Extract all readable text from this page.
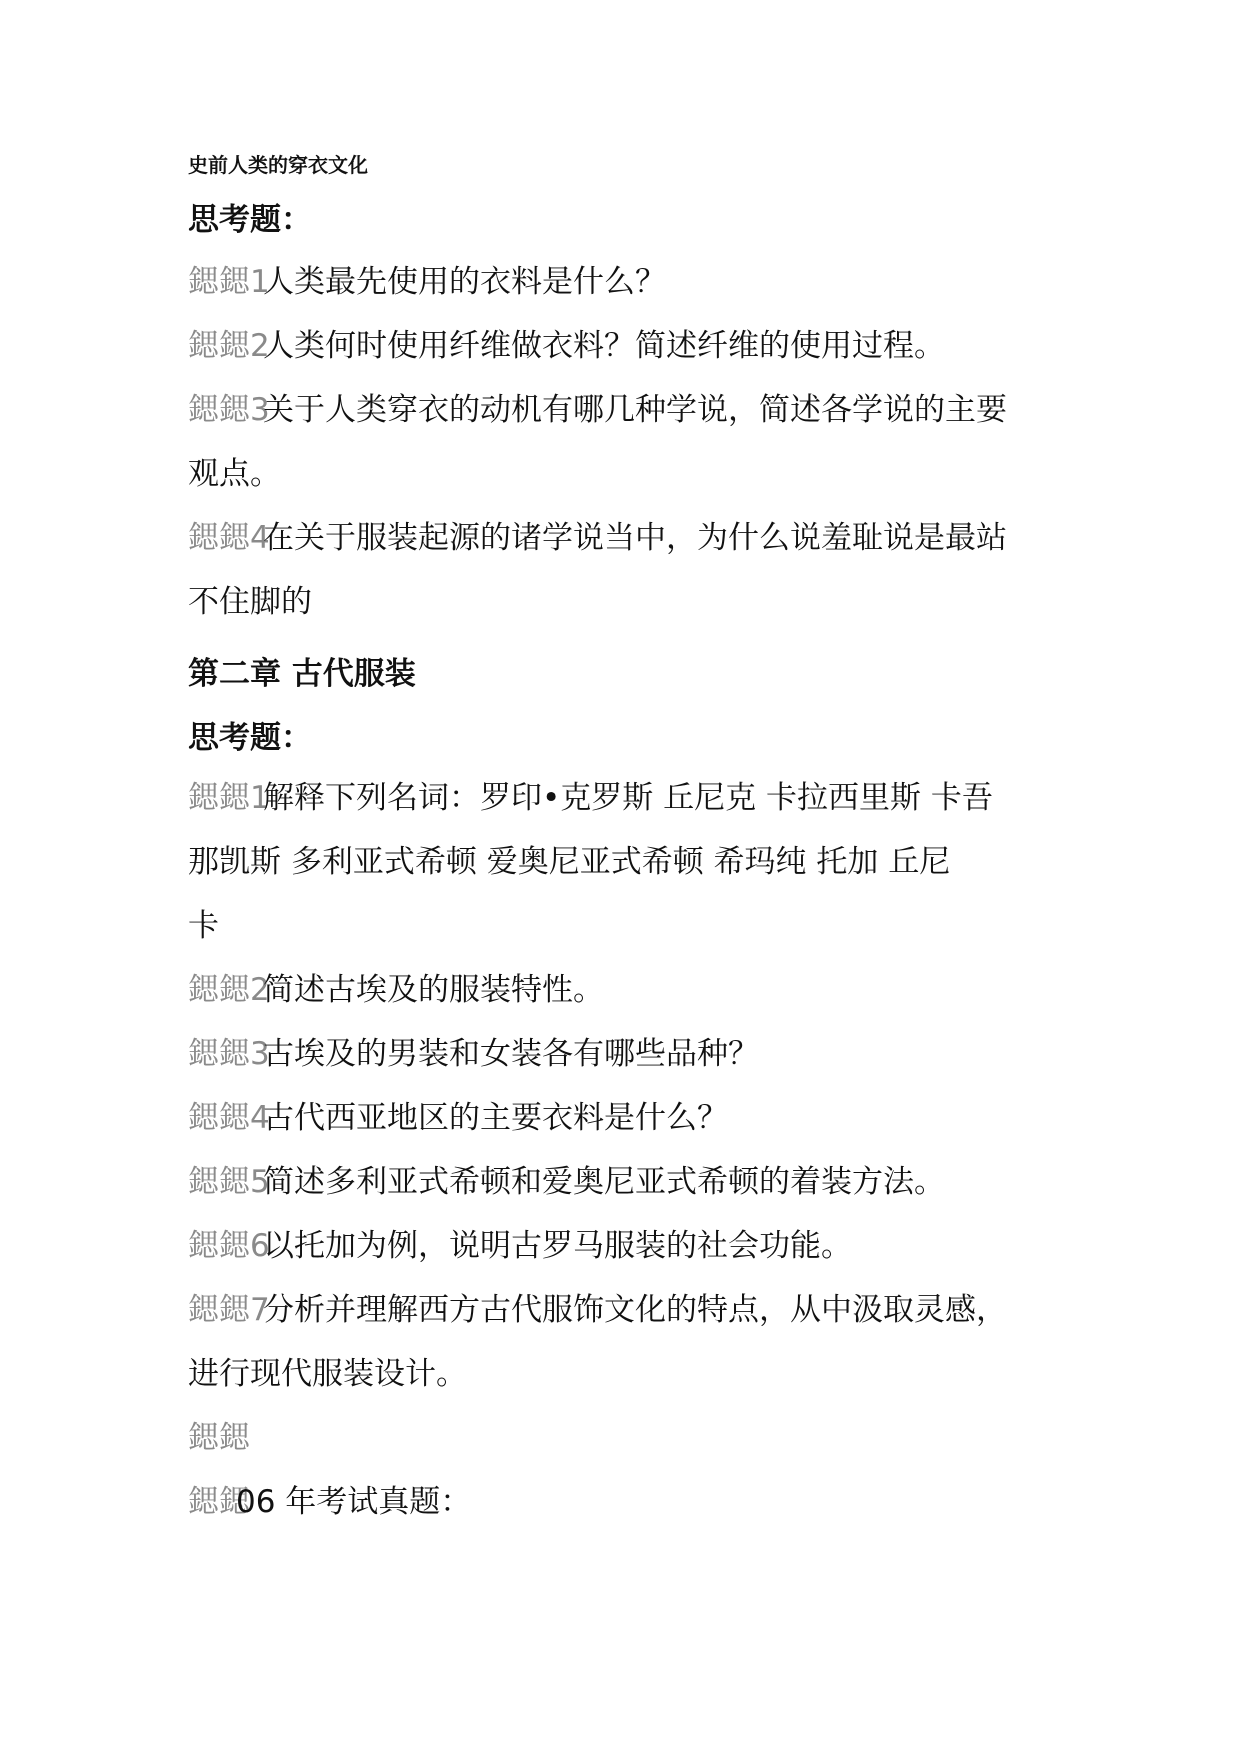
史前人类的穿衣文化
思考题：
鍶鍶1
人类最先使用的衣料是什么？
鍶鍶2
人类何时使用纤维做衣料？简述纤维的使用过程。
鍶鍶3
关于人类穿衣的动机有哪几种学说，简述各学说的主要
观点。
鍶鍶4
在关于服装起源的诸学说当中，为什么说羞耻说是最站
不住脚的
第二章 古代服装
思考题：
鍶鍶1
解释下列名词：罗印•克罗斯 丘尼克 卡拉西里斯 卡吾
那凯斯 多利亚式希顿 爱奥尼亚式希顿 希玛纯 托加 丘尼
卡
鍶鍶2
简述古埃及的服装特性。
鍶鍶3
古埃及的男装和女装各有哪些品种？
鍶鍶4
古代西亚地区的主要衣料是什么？
鍶鍶5
简述多利亚式希顿和爱奥尼亚式希顿的着装方法。
鍶鍶6
以托加为例，说明古罗马服装的社会功能。
鍶鍶7
分析并理解西方古代服饰文化的特点，从中汲取灵感，
进行现代服装设计。
鍶鍶
鍶鍶
06 年考试真题：
